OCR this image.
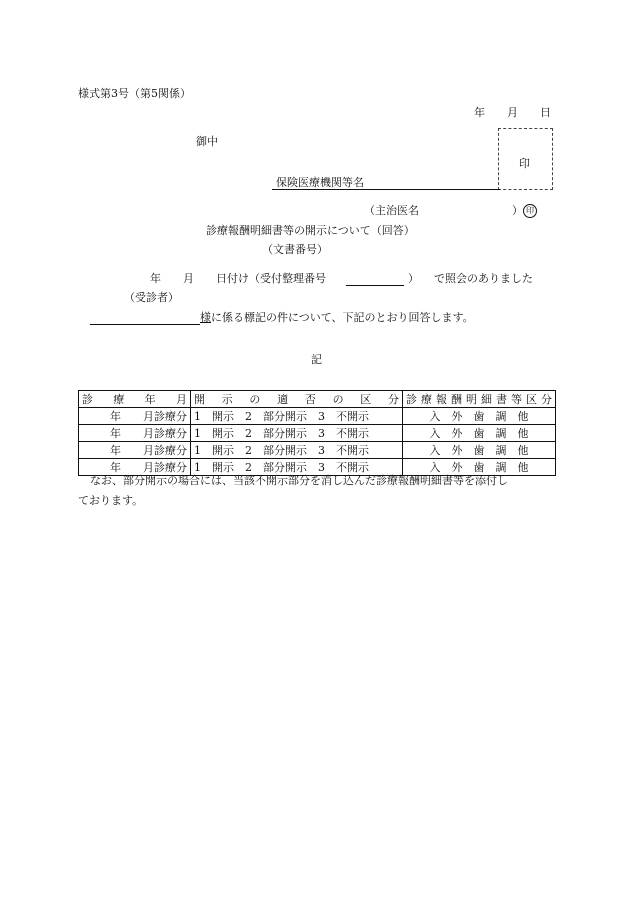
様式第3号（第5関係）
年 月 日
御中
印
保険医療機関等名
（主治医名	） 印
診療報酬明細書等の開示について（回答）
（文書番号）
年 月 日付け（受付整理番号	） で照会のありました
（受診者）
様に係る標記の件について、下記のとおり回答します。
記
診　療　年　月	開　示　の　適　否　の　区　分	診療報酬明細書等区分
年　　月診療分	1　開示　2　部分開示　3　不開示	入　外　歯　調　他
年　　月診療分	1　開示　2　部分開示　3　不開示	入　外　歯　調　他
年　　月診療分	1　開示　2　部分開示　3　不開示	入　外　歯　調　他
年　　月診療分	1　開示　2　部分開示　3　不開示	入　外　歯　調　他
なお、部分開示の場合には、当該不開示部分を消し込んだ診療報酬明細書等を添付し
ております。
